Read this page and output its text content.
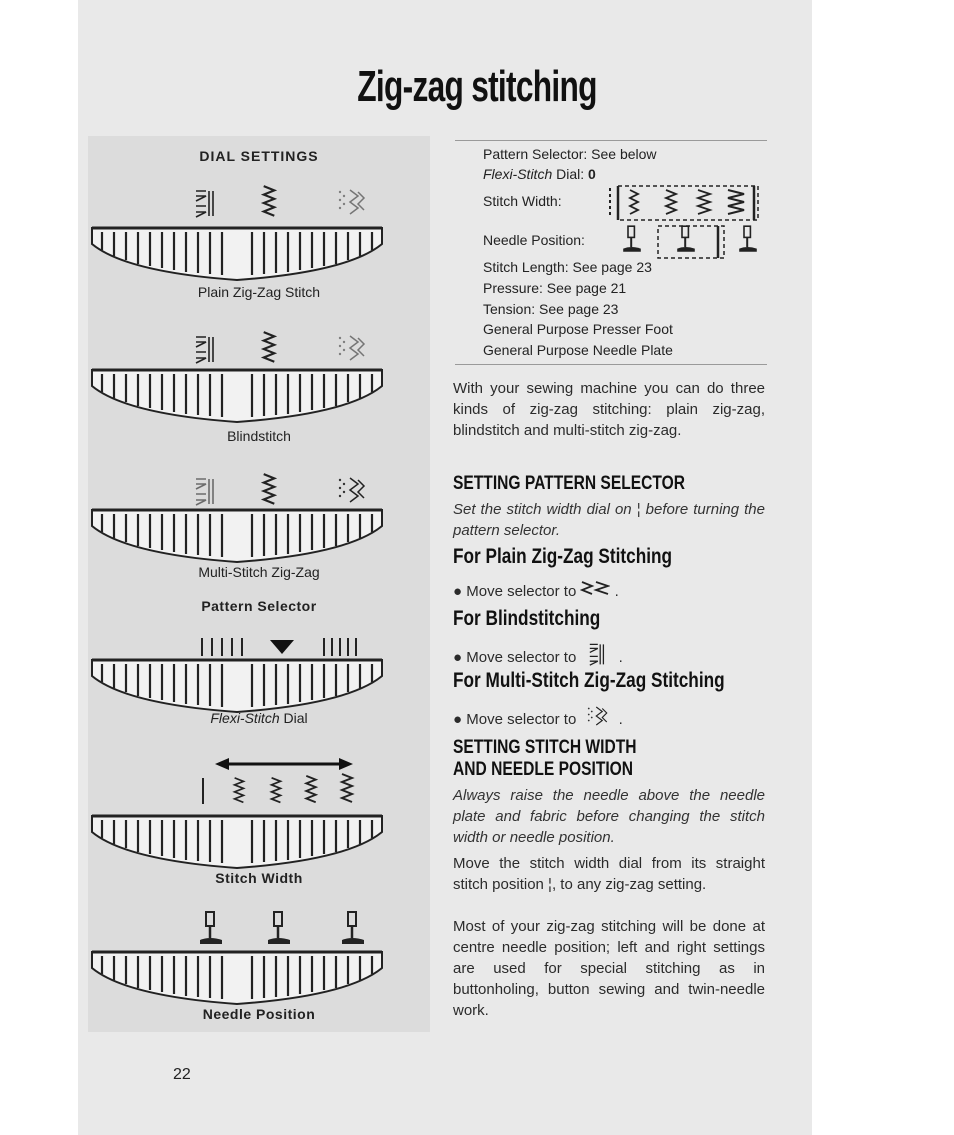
Zig-zag stitching
DIAL SETTINGS
Plain Zig-Zag Stitch
Blindstitch
Multi-Stitch Zig-Zag
Pattern Selector
Flexi-Stitch Dial
Stitch Width
Needle Position
Pattern Selector: See below
Flexi-Stitch Dial: 0
Stitch Width:
Needle Position:
Stitch Length: See page 23
Pressure: See page 21
Tension: See page 23
General Purpose Presser Foot
General Purpose Needle Plate
With your sewing machine you can do three kinds of zig-zag stitching: plain zig-zag, blindstitch and multi-stitch zig-zag.
SETTING PATTERN SELECTOR
Set the stitch width dial on ¦ before turning the pattern selector.
For Plain Zig-Zag Stitching
● Move selector to  .
For Blindstitching
● Move selector to	.
For Multi-Stitch Zig-Zag Stitching
● Move selector to	.
SETTING STITCH WIDTH
AND NEEDLE POSITION
Always raise the needle above the needle plate and fabric before changing the stitch width or needle position.
Move the stitch width dial from its straight stitch position ¦, to any zig-zag setting.
Most of your zig-zag stitching will be done at centre needle position; left and right settings are used for special stitching as in buttonholing, button sewing and twin-needle work.
22
